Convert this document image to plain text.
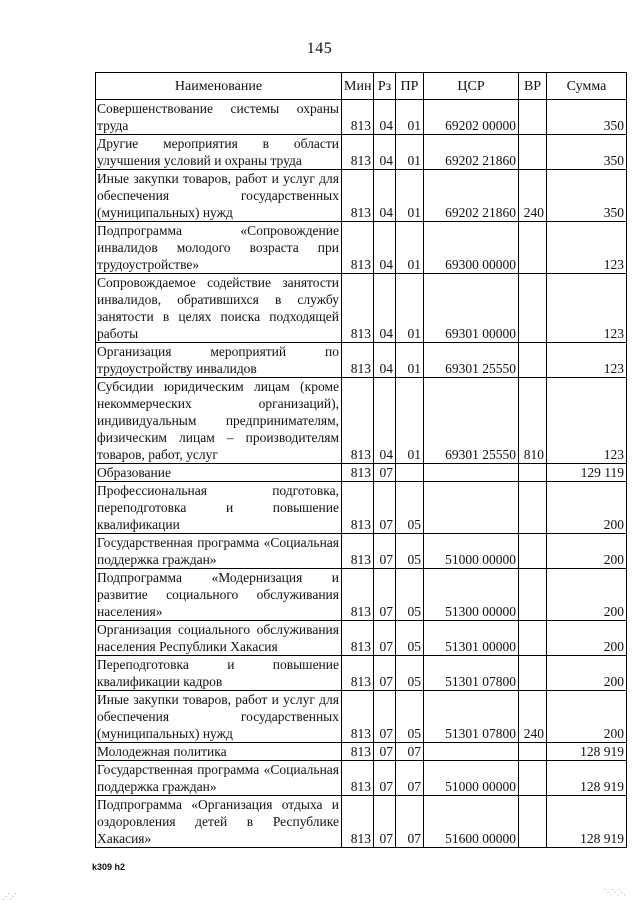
145
Наименование	Мин	Рз	ПР	ЦСР	ВР	Сумма
Совершенствование системы охраны труда	813	04	01	69202 00000		350
Другие мероприятия в области улучшения условий и охраны труда	813	04	01	69202 21860		350
Иные закупки товаров, работ и услуг для обеспечения государственных (муниципальных) нужд	813	04	01	69202 21860	240	350
Подпрограмма «Сопровождение инвалидов молодого возраста при трудоустройстве»	813	04	01	69300 00000		123
Сопровождаемое содействие занятости инвалидов, обратившихся в службу занятости в целях поиска подходящей работы	813	04	01	69301 00000		123
Организация мероприятий по трудоустройству инвалидов	813	04	01	69301 25550		123
Субсидии юридическим лицам (кроме некоммерческих организаций), индивидуальным предпринимателям, физическим лицам – производителям товаров, работ, услуг	813	04	01	69301 25550	810	123
Образование	813	07				129 119
Профессиональная подготовка, переподготовка и повышение квалификации	813	07	05			200
Государственная программа «Социальная поддержка граждан»	813	07	05	51000 00000		200
Подпрограмма «Модернизация и развитие социального обслуживания населения»	813	07	05	51300 00000		200
Организация социального обслуживания населения Республики Хакасия	813	07	05	51301 00000		200
Переподготовка и повышение квалификации кадров	813	07	05	51301 07800		200
Иные закупки товаров, работ и услуг для обеспечения государственных (муниципальных) нужд	813	07	05	51301 07800	240	200
Молодежная политика	813	07	07			128 919
Государственная программа «Социальная поддержка граждан»	813	07	07	51000 00000		128 919
Подпрограмма «Организация отдыха и оздоровления детей в Республике Хакасия»	813	07	07	51600 00000		128 919
k309 h2
⋰⋰	⋱⋱⋱
